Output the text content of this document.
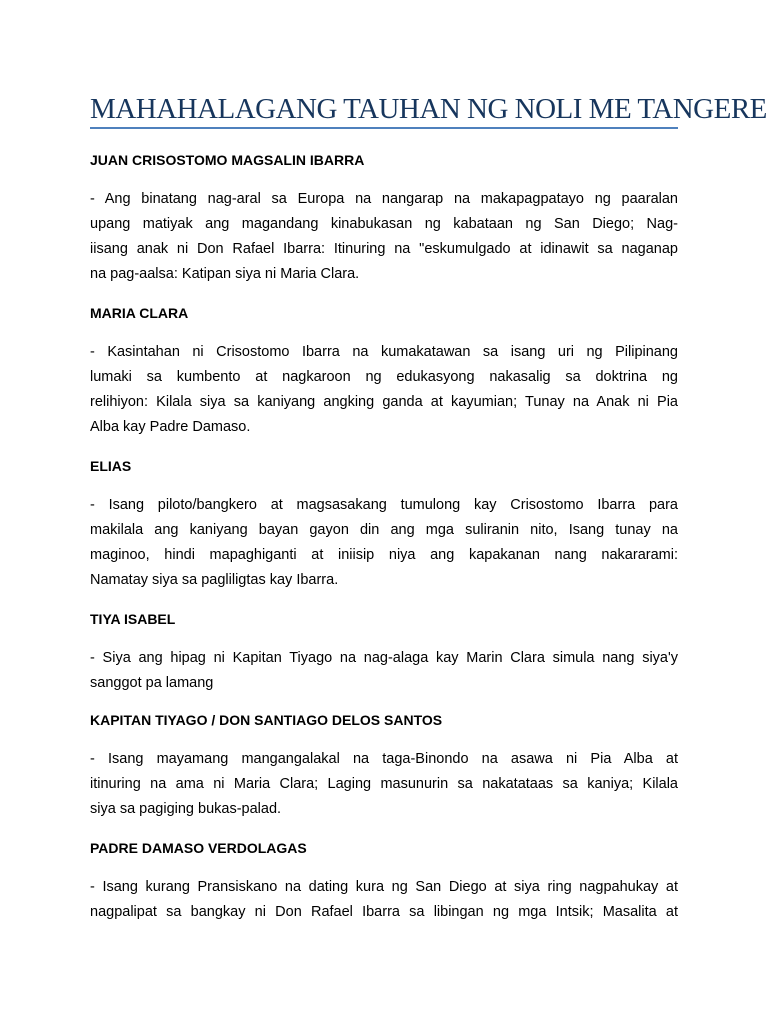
MAHAHALAGANG TAUHAN NG NOLI ME TANGERE
JUAN CRISOSTOMO MAGSALIN IBARRA
- Ang binatang nag-aral sa Europa na nangarap na makapagpatayo ng paaralan
upang matiyak ang magandang kinabukasan ng kabataan ng San Diego; Nag-
iisang anak ni Don Rafael Ibarra: Itinuring na "eskumulgado at idinawit sa naganap
na pag-aalsa: Katipan siya ni Maria Clara.
MARIA CLARA
- Kasintahan ni Crisostomo Ibarra na kumakatawan sa isang uri ng Pilipinang
lumaki sa kumbento at nagkaroon ng edukasyong nakasalig sa doktrina ng
relihiyon: Kilala siya sa kaniyang angking ganda at kayumian; Tunay na Anak ni Pia
Alba kay Padre Damaso.
ELIAS
- Isang piloto/bangkero at magsasakang tumulong kay Crisostomo Ibarra para
makilala ang kaniyang bayan gayon din ang mga suliranin nito, Isang tunay na
maginoo, hindi mapaghiganti at iniisip niya ang kapakanan nang nakararami:
Namatay siya sa pagliligtas kay Ibarra.
TIYA ISABEL
- Siya ang hipag ni Kapitan Tiyago na nag-alaga kay Marin Clara simula nang siya'y
sanggot pa lamang
KAPITAN TIYAGO / DON SANTIAGO DELOS SANTOS
- Isang mayamang mangangalakal na taga-Binondo na asawa ni Pia Alba at
itinuring na ama ni Maria Clara; Laging masunurin sa nakatataas sa kaniya; Kilala
siya sa pagiging bukas-palad.
PADRE DAMASO VERDOLAGAS
- Isang kurang Pransiskano na dating kura ng San Diego at siya ring nagpahukay at
nagpalipat sa bangkay ni Don Rafael Ibarra sa libingan ng mga Intsik; Masalita at
